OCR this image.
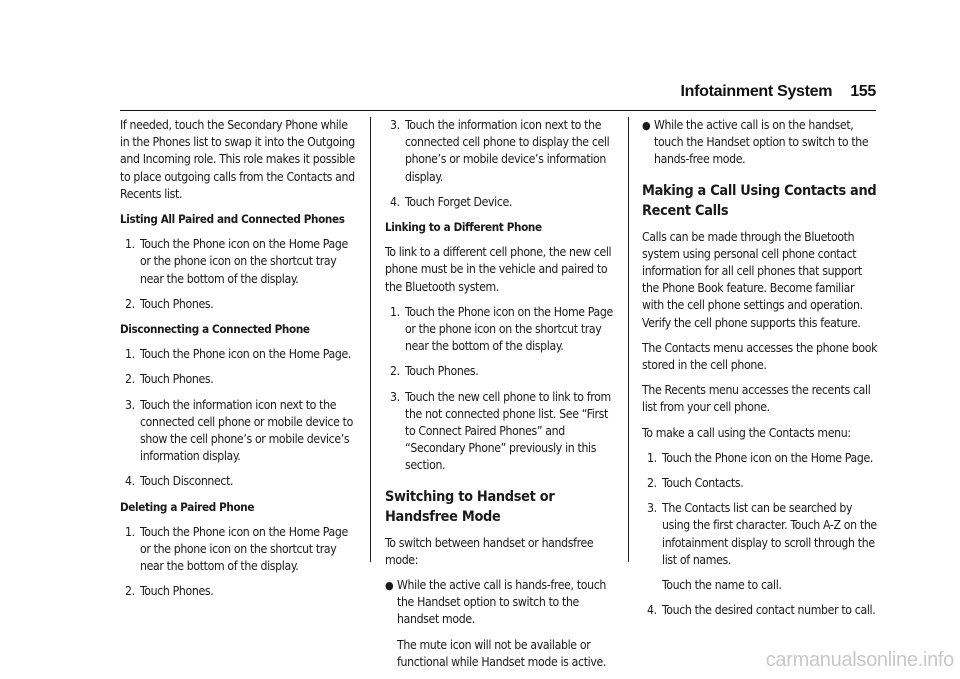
Infotainment System 155

If needed, touch the Secondary Phone while in the Phones list to swap it into the Outgoing and Incoming role. This role makes it possible to place outgoing calls from the Contacts and Recents list.

Listing All Paired and Connected Phones
1. Touch the Phone icon on the Home Page or the phone icon on the shortcut tray near the bottom of the display.
2. Touch Phones.
Disconnecting a Connected Phone
1. Touch the Phone icon on the Home Page.
2. Touch Phones.
3. Touch the information icon next to the connected cell phone or mobile device to show the cell phone’s or mobile device’s information display.
4. Touch Disconnect.
Deleting a Paired Phone
1. Touch the Phone icon on the Home Page or the phone icon on the shortcut tray near the bottom of the display.
2. Touch Phones.
3. Touch the information icon next to the connected cell phone to display the cell phone’s or mobile device’s information display.
4. Touch Forget Device.
Linking to a Different Phone

To link to a different cell phone, the new cell phone must be in the vehicle and paired to the Bluetooth system.

1. Touch the Phone icon on the Home Page or the phone icon on the shortcut tray near the bottom of the display.
2. Touch Phones.
3. Touch the new cell phone to link to from the not connected phone list. See “First to Connect Paired Phones” and “Secondary Phone” previously in this section.
Switching to Handset or
Handsfree Mode

To switch between handset or handsfree mode:

● While the active call is hands-free, touch the Handset option to switch to the handset mode.

The mute icon will not be available or functional while Handset mode is active.

● While the active call is on the handset, touch the Handset option to switch to the hands-free mode.
Making a Call Using Contacts and Recent Calls

Calls can be made through the Bluetooth system using personal cell phone contact information for all cell phones that support the Phone Book feature. Become familiar with the cell phone settings and operation. Verify the cell phone supports this feature.

The Contacts menu accesses the phone book stored in the cell phone.

The Recents menu accesses the recents call list from your cell phone.

To make a call using the Contacts menu:

1. Touch the Phone icon on the Home Page.
2. Touch Contacts.
3. The Contacts list can be searched by using the first character. Touch A-Z on the infotainment display to scroll through the list of names.

Touch the name to call.

4. Touch the desired contact number to call.
carmanualsonline.info
